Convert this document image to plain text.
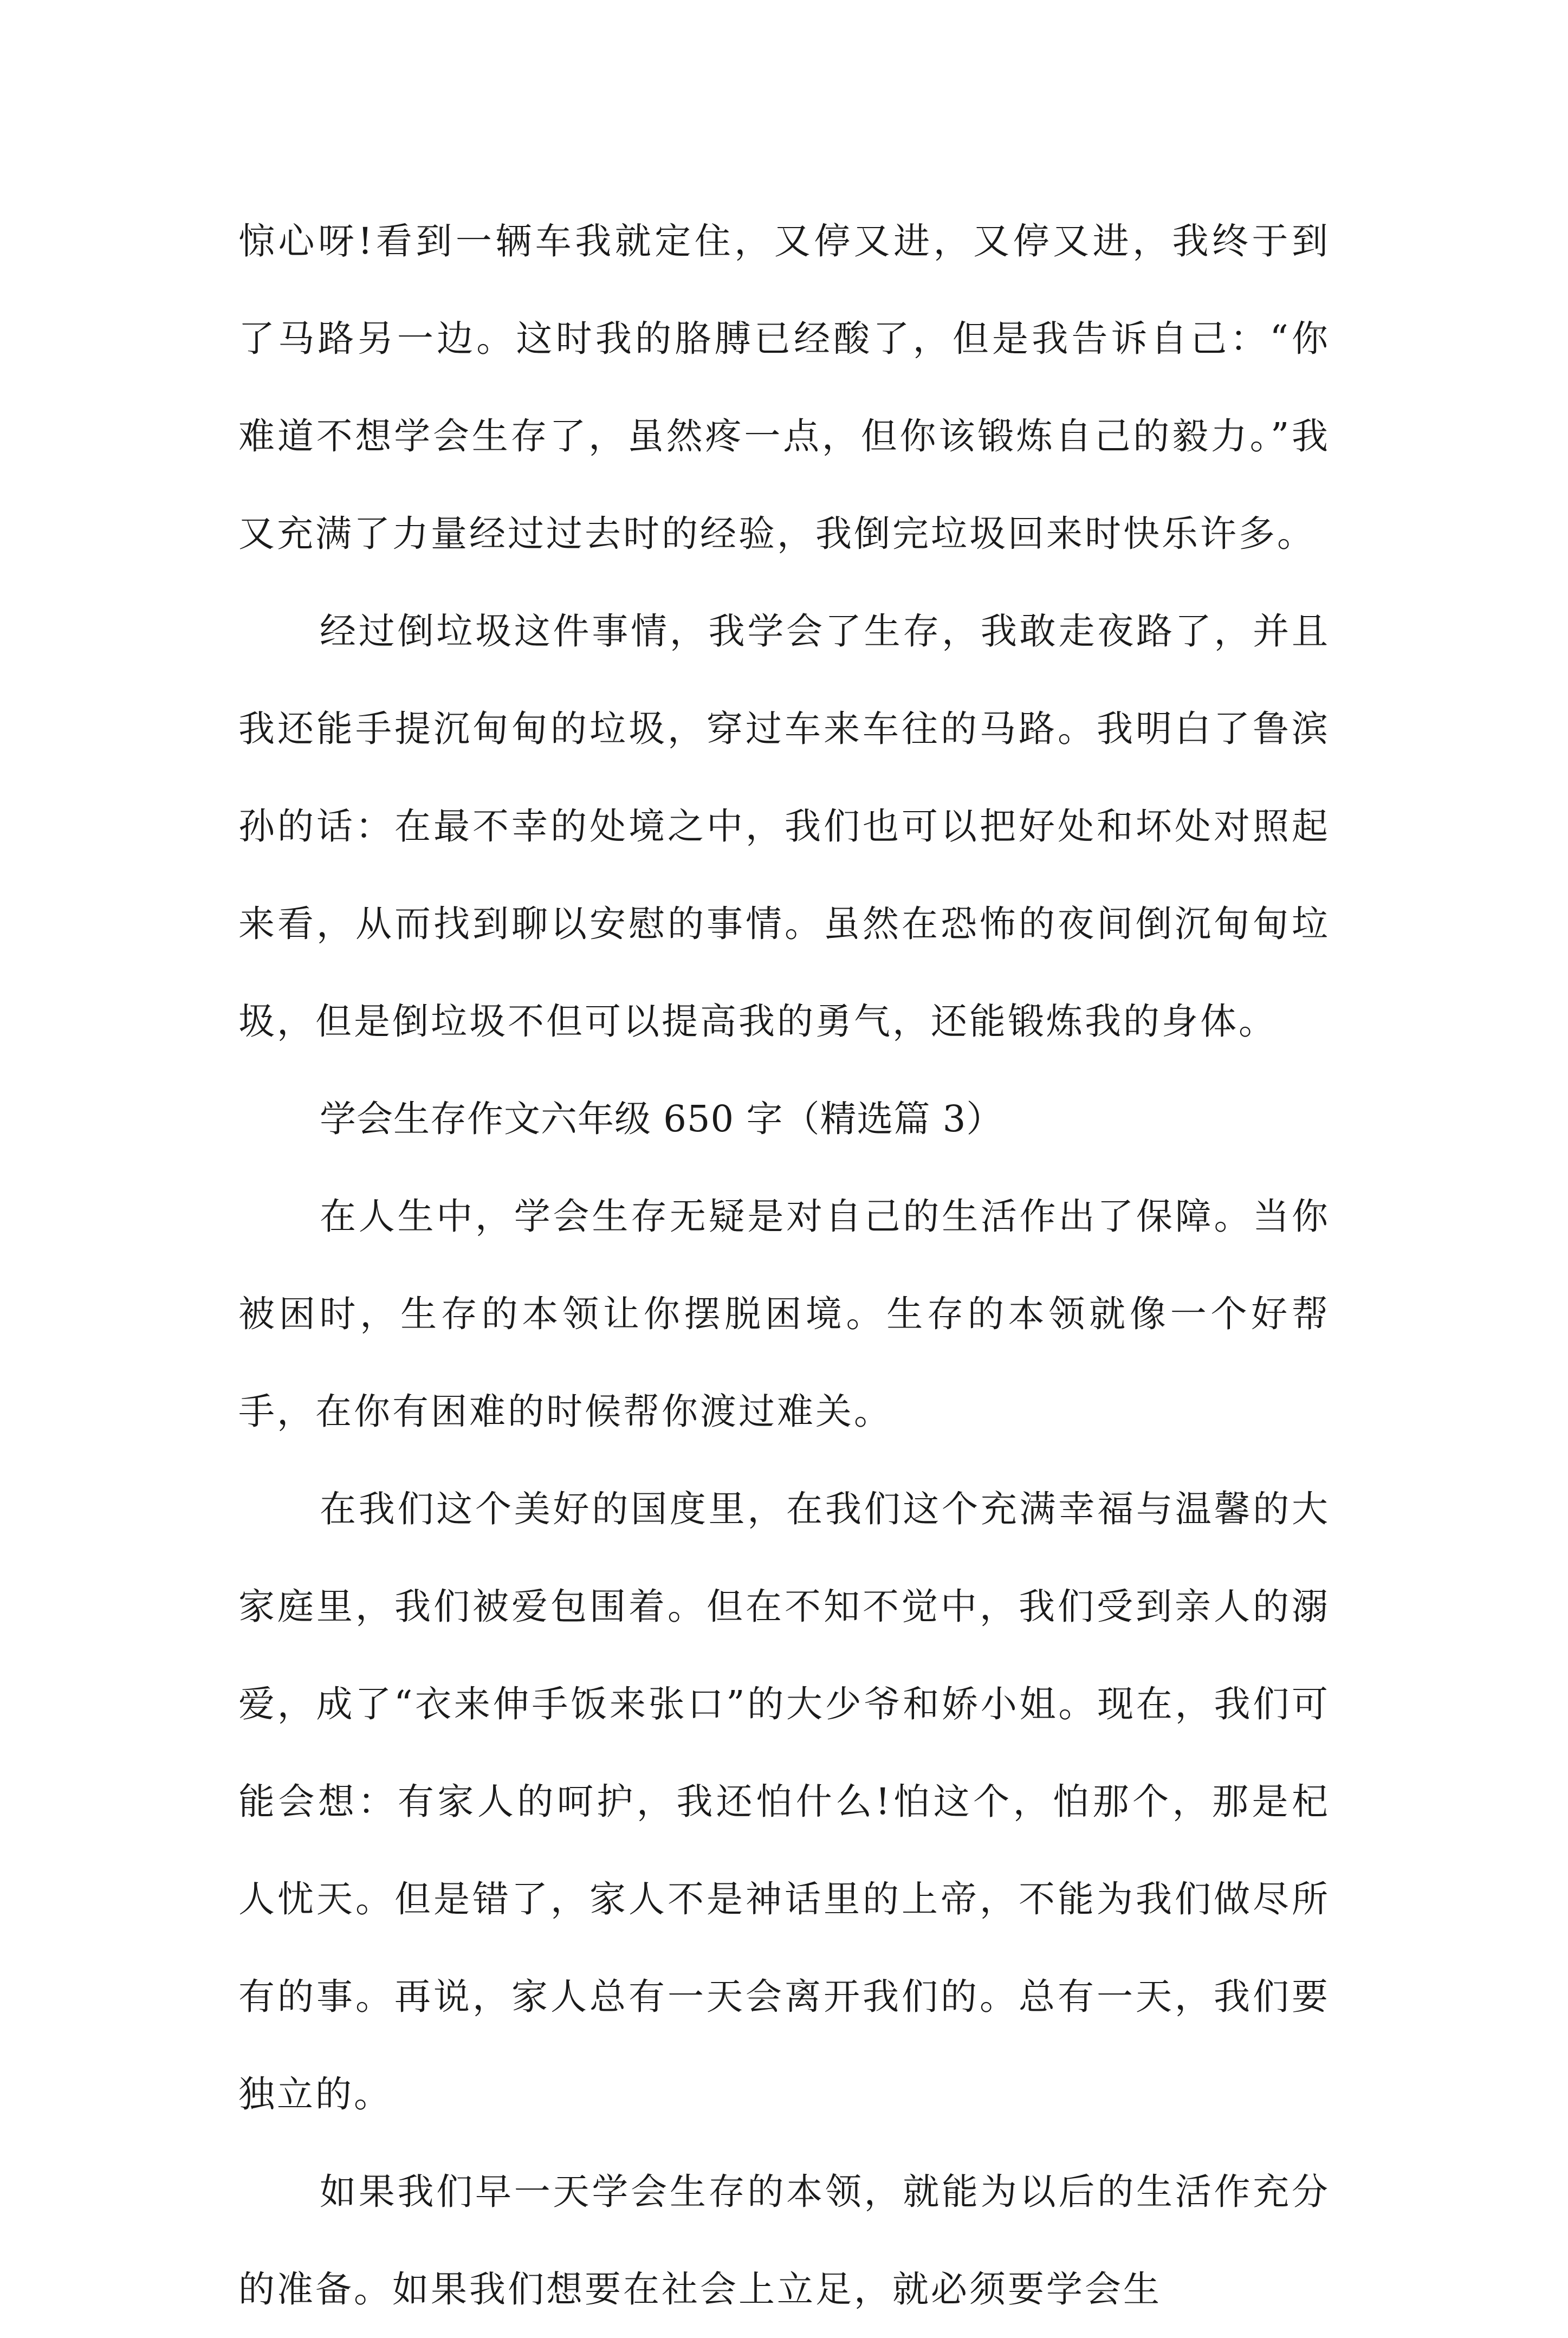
惊心呀!看到一辆车我就定住，又停又进，又停又进，我终于到了马路另一边。这时我的胳膊已经酸了，但是我告诉自己：“你难道不想学会生存了，虽然疼一点，但你该锻炼自己的毅力。”我又充满了力量经过过去时的经验，我倒完垃圾回来时快乐许多。

经过倒垃圾这件事情，我学会了生存，我敢走夜路了，并且我还能手提沉甸甸的垃圾，穿过车来车往的马路。我明白了鲁滨孙的话：在最不幸的处境之中，我们也可以把好处和坏处对照起来看，从而找到聊以安慰的事情。虽然在恐怖的夜间倒沉甸甸垃圾，但是倒垃圾不但可以提高我的勇气，还能锻炼我的身体。

学会生存作文六年级 650 字（精选篇 3）

在人生中，学会生存无疑是对自己的生活作出了保障。当你被困时，生存的本领让你摆脱困境。生存的本领就像一个好帮手，在你有困难的时候帮你渡过难关。

在我们这个美好的国度里，在我们这个充满幸福与温馨的大家庭里，我们被爱包围着。但在不知不觉中，我们受到亲人的溺爱，成了“衣来伸手饭来张口”的大少爷和娇小姐。现在，我们可能会想：有家人的呵护，我还怕什么!怕这个，怕那个，那是杞人忧天。但是错了，家人不是神话里的上帝，不能为我们做尽所有的事。再说，家人总有一天会离开我们的。总有一天，我们要独立的。

如果我们早一天学会生存的本领，就能为以后的生活作充分的准备。如果我们想要在社会上立足，就必须要学会生
